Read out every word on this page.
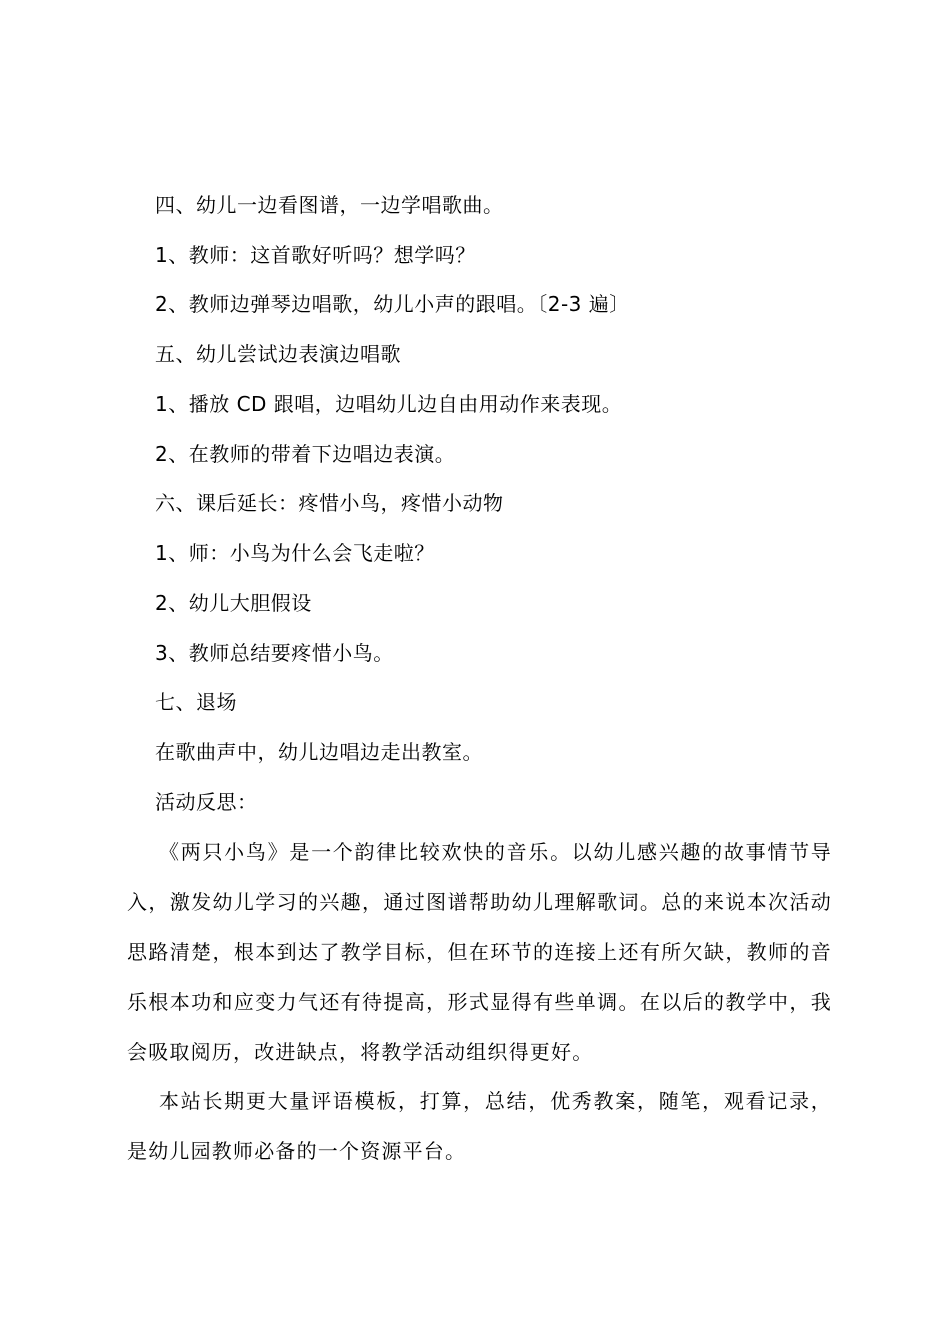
四、幼儿一边看图谱，一边学唱歌曲。
1、教师：这首歌好听吗？想学吗？
2、教师边弹琴边唱歌，幼儿小声的跟唱。〔2-3 遍〕
五、幼儿尝试边表演边唱歌
1、播放 CD 跟唱，边唱幼儿边自由用动作来表现。
2、在教师的带着下边唱边表演。
六、课后延长：疼惜小鸟，疼惜小动物
1、师：小鸟为什么会飞走啦？
2、幼儿大胆假设
3、教师总结要疼惜小鸟。
七、退场
在歌曲声中，幼儿边唱边走出教室。
活动反思：
《两只小鸟》是一个韵律比较欢快的音乐。以幼儿感兴趣的故事情节导入，激发幼儿学习的兴趣，通过图谱帮助幼儿理解歌词。总的来说本次活动思路清楚，根本到达了教学目标，但在环节的连接上还有所欠缺，教师的音乐根本功和应变力气还有待提高，形式显得有些单调。在以后的教学中，我会吸取阅历，改进缺点，将教学活动组织得更好。
本站长期更大量评语模板，打算，总结，优秀教案，随笔，观看记录，是幼儿园教师必备的一个资源平台。
